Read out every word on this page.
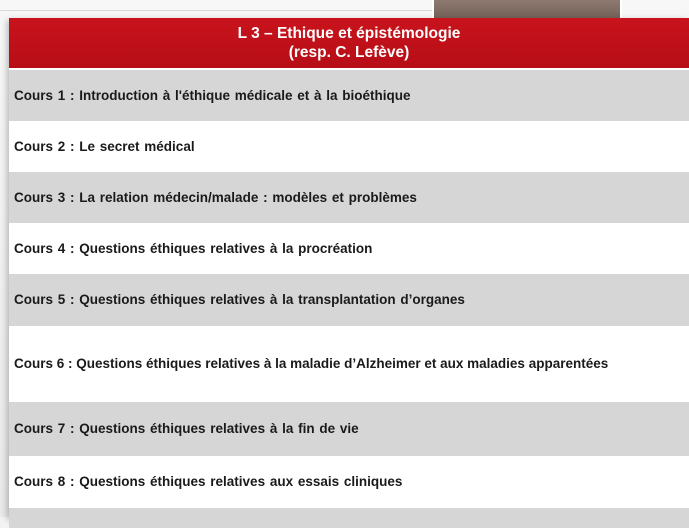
L 3 – Ethique et épistémologie
(resp. C. Lefève)
Cours 1 : Introduction à l'éthique médicale et à la bioéthique
Cours 2 : Le secret médical
Cours 3 : La relation médecin/malade : modèles et problèmes
Cours 4 : Questions éthiques relatives à la procréation
Cours 5 : Questions éthiques relatives à la transplantation d’organes
Cours 6 : Questions éthiques relatives à la maladie d’Alzheimer et aux maladies apparentées
Cours 7 : Questions éthiques relatives à la fin de vie
Cours 8 : Questions éthiques relatives aux essais cliniques
